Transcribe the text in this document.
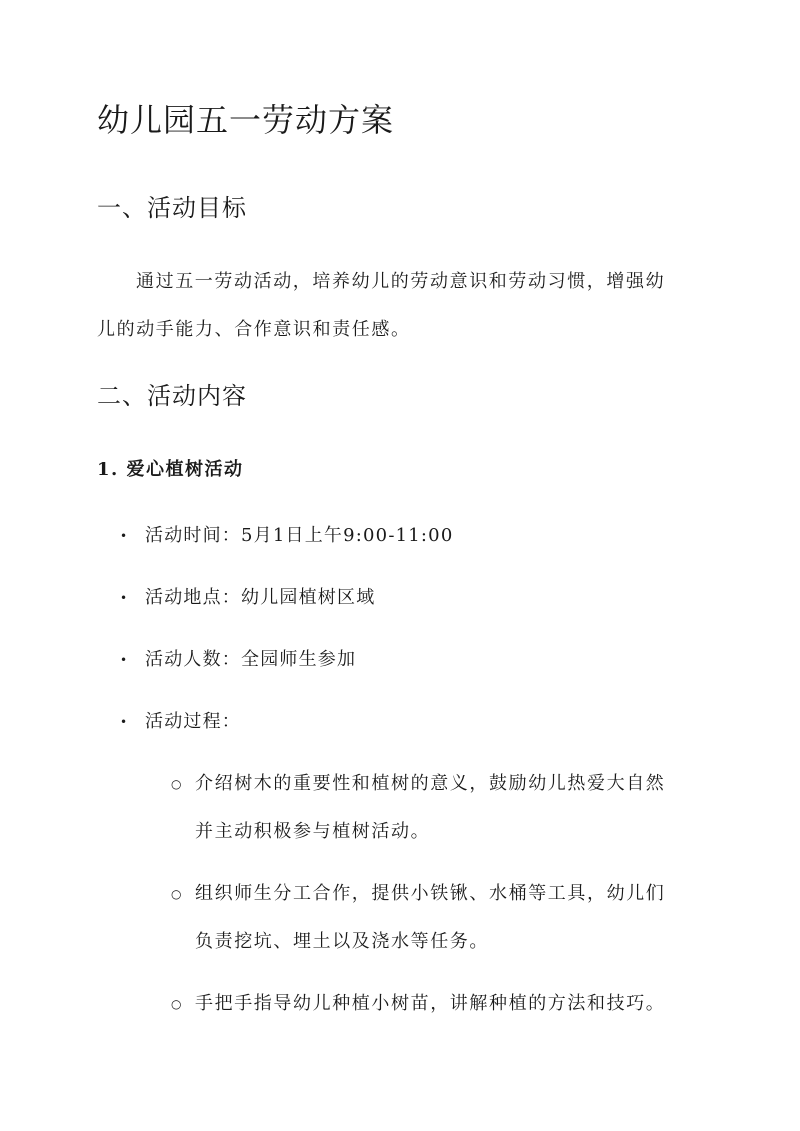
幼儿园五一劳动方案
一、活动目标
通过五一劳动活动，培养幼儿的劳动意识和劳动习惯，增强幼
儿的动手能力、合作意识和责任感。
二、活动内容
1. 爱心植树活动
• 活动时间：5月1日上午9:00-11:00
• 活动地点：幼儿园植树区域
• 活动人数：全园师生参加
• 活动过程：
○ 介绍树木的重要性和植树的意义，鼓励幼儿热爱大自然
并主动积极参与植树活动。
○ 组织师生分工合作，提供小铁锹、水桶等工具，幼儿们
负责挖坑、埋土以及浇水等任务。
○ 手把手指导幼儿种植小树苗，讲解种植的方法和技巧。
